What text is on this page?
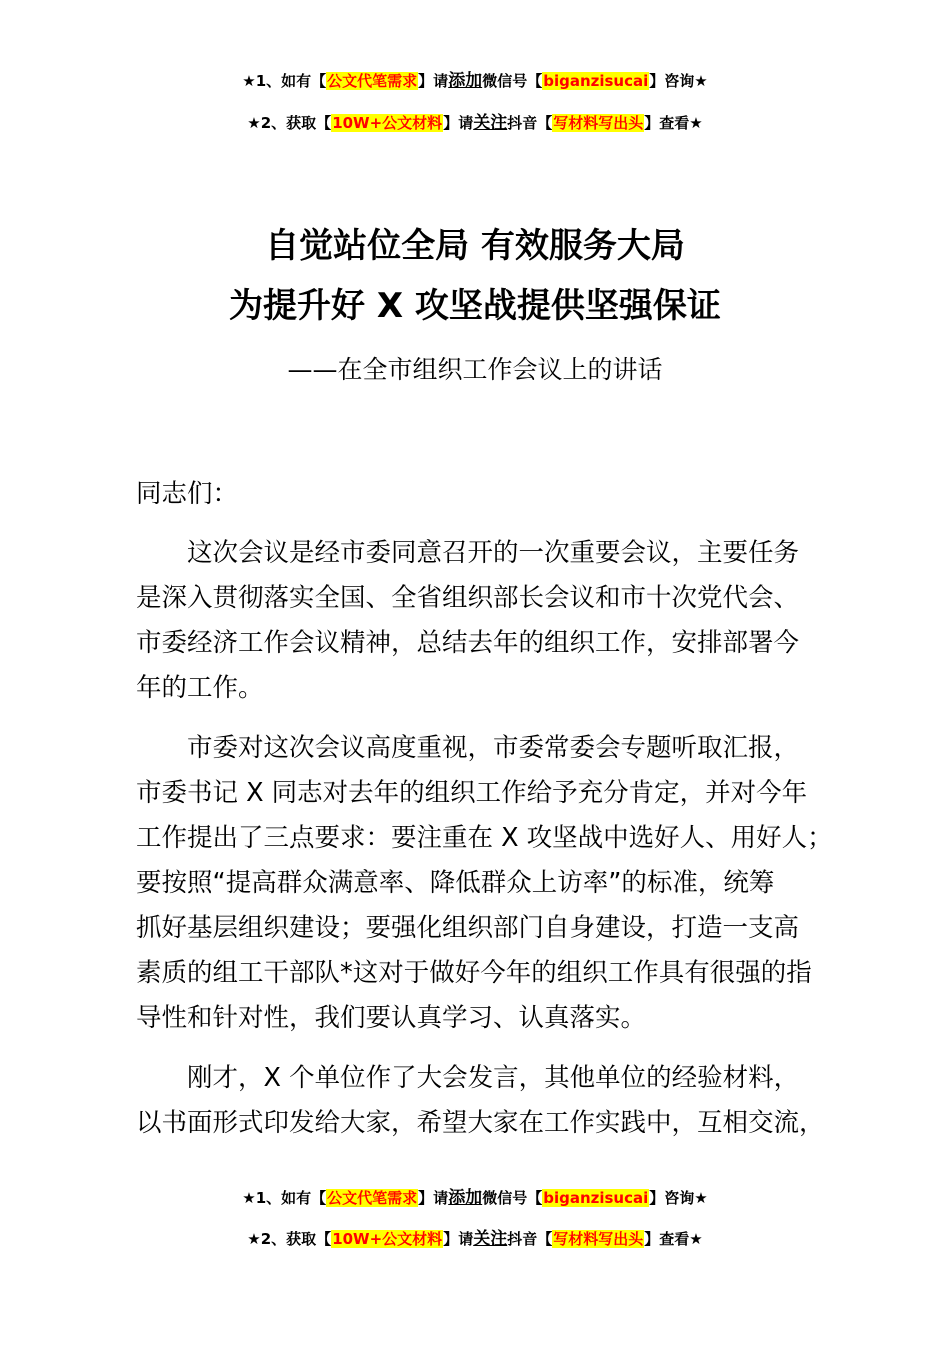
★1、如有【公文代笔需求】请添加微信号【biganzisucai】咨询★
★2、获取【10W+公文材料】请关注抖音【写材料写出头】查看★
自觉站位全局 有效服务大局
为提升好 X 攻坚战提供坚强保证
——在全市组织工作会议上的讲话
同志们：
这次会议是经市委同意召开的一次重要会议，主要任务
是深入贯彻落实全国、全省组织部长会议和市十次党代会、
市委经济工作会议精神，总结去年的组织工作，安排部署今
年的工作。
市委对这次会议高度重视，市委常委会专题听取汇报，
市委书记 X 同志对去年的组织工作给予充分肯定，并对今年
工作提出了三点要求：要注重在 X 攻坚战中选好人、用好人；
要按照“提高群众满意率、降低群众上访率”的标准，统筹
抓好基层组织建设；要强化组织部门自身建设，打造一支高
素质的组工干部队*这对于做好今年的组织工作具有很强的指
导性和针对性，我们要认真学习、认真落实。
刚才，X 个单位作了大会发言，其他单位的经验材料，
以书面形式印发给大家，希望大家在工作实践中，互相交流，
★1、如有【公文代笔需求】请添加微信号【biganzisucai】咨询★
★2、获取【10W+公文材料】请关注抖音【写材料写出头】查看★
